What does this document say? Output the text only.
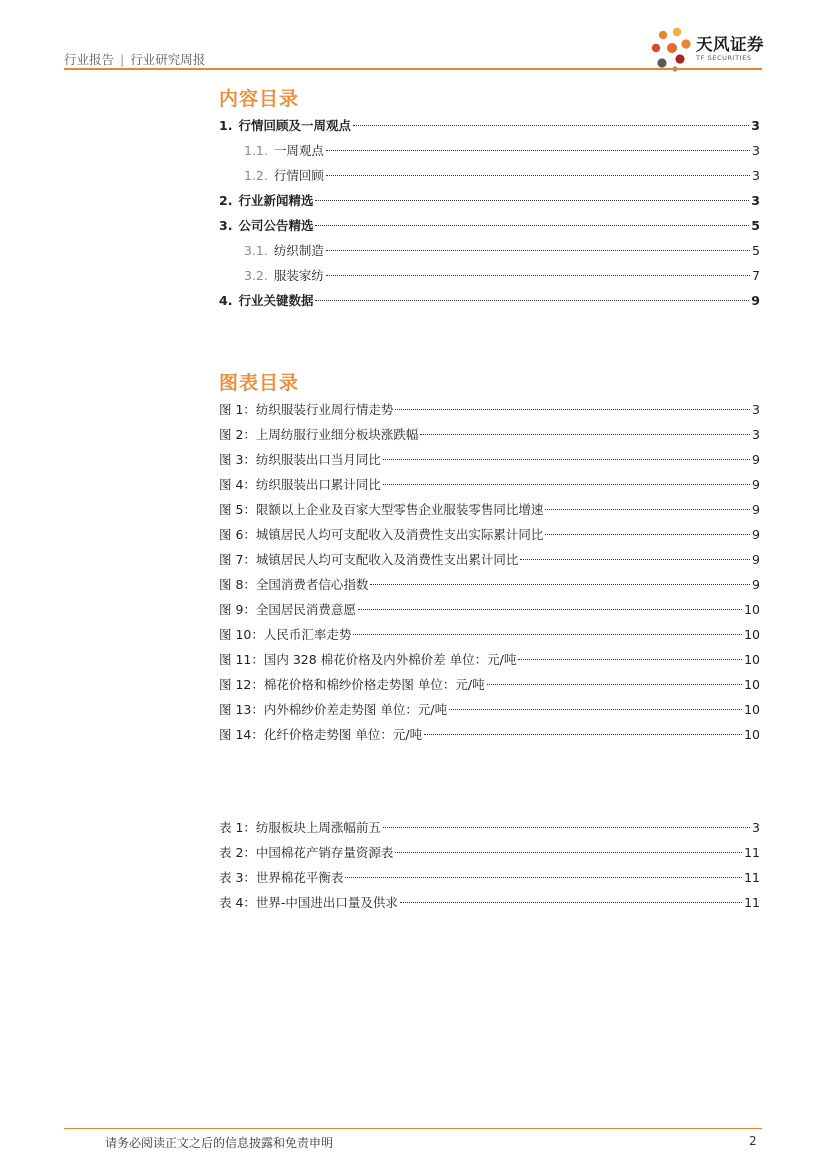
行业报告 | 行业研究周报
天风证券
TF SECURITIES
内容目录
1. 行情回顾及一周观点	3
1.1. 一周观点	3
1.2. 行情回顾	3
2. 行业新闻精选	3
3. 公司公告精选	5
3.1. 纺织制造	5
3.2. 服装家纺	7
4. 行业关键数据	9
图表目录
图 1：纺织服装行业周行情走势	3
图 2：上周纺服行业细分板块涨跌幅	3
图 3：纺织服装出口当月同比	9
图 4：纺织服装出口累计同比	9
图 5：限额以上企业及百家大型零售企业服装零售同比增速	9
图 6：城镇居民人均可支配收入及消费性支出实际累计同比	9
图 7：城镇居民人均可支配收入及消费性支出累计同比	9
图 8：全国消费者信心指数	9
图 9：全国居民消费意愿	10
图 10：人民币汇率走势	10
图 11：国内 328 棉花价格及内外棉价差 单位：元/吨	10
图 12：棉花价格和棉纱价格走势图 单位：元/吨	10
图 13：内外棉纱价差走势图 单位：元/吨	10
图 14：化纤价格走势图 单位：元/吨	10
表 1：纺服板块上周涨幅前五	3
表 2：中国棉花产销存量资源表	11
表 3：世界棉花平衡表	11
表 4：世界-中国进出口量及供求	11
请务必阅读正文之后的信息披露和免责申明	2
